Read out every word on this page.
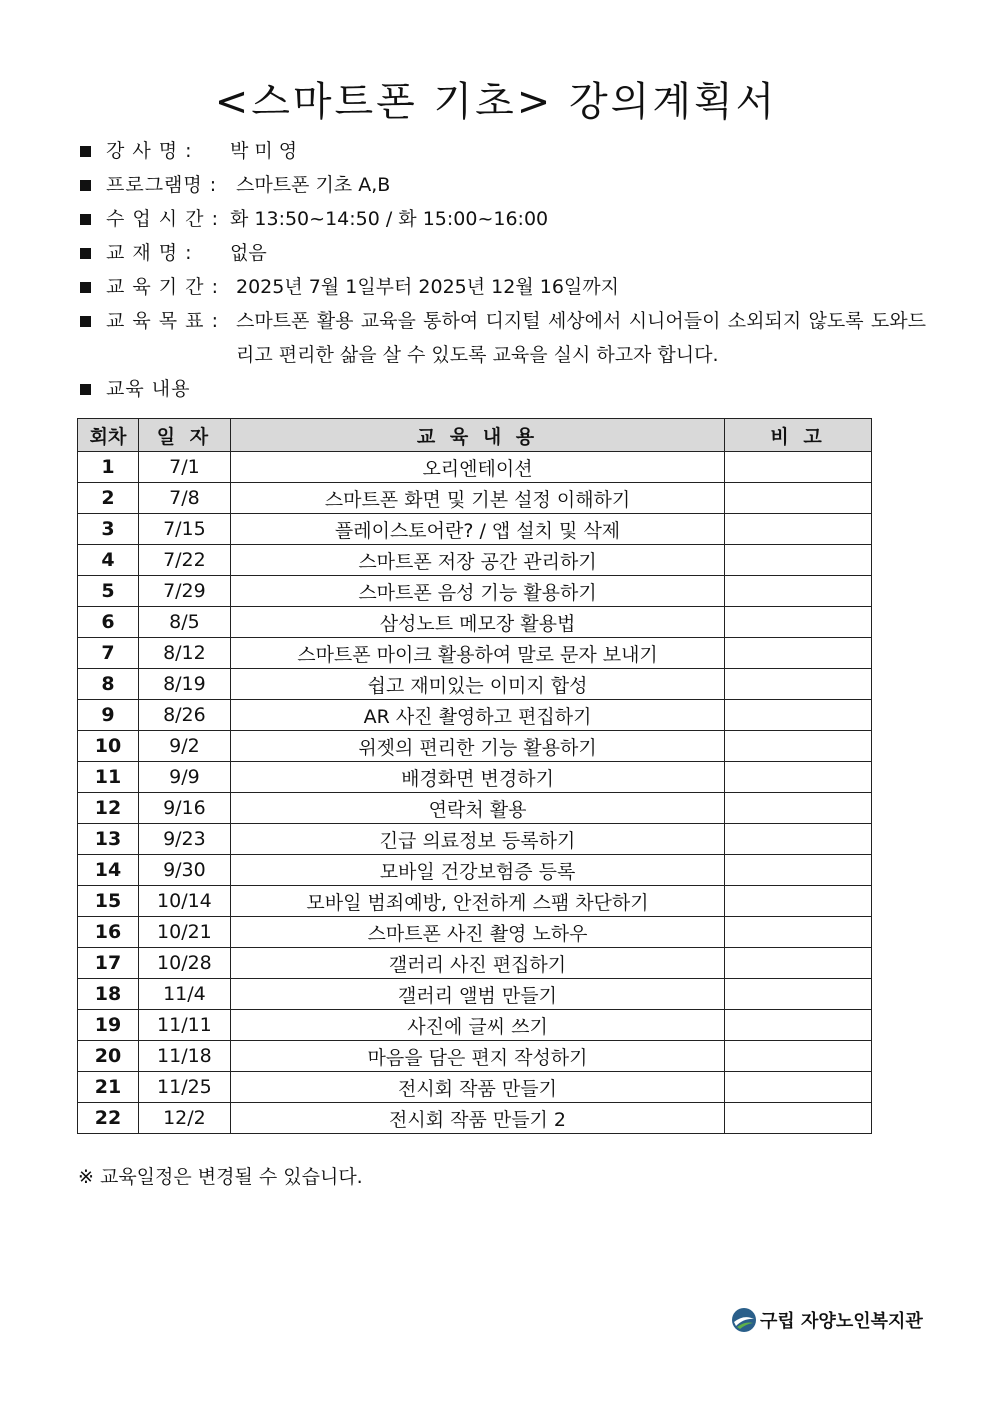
<스마트폰 기초> 강의계획서
강 사 명 : 박 미 영
프로그램명 : 스마트폰 기초 A,B
수 업 시 간 : 화 13:50~14:50 / 화 15:00~16:00
교 재 명 : 없음
교 육 기 간 : 2025년 7월 1일부터 2025년 12월 16일까지
교 육 목 표 : 스마트폰 활용 교육을 통하여 디지털 세상에서 시니어들이 소외되지 않도록 도와드리고 편리한 삶을 살 수 있도록 교육을 실시 하고자 합니다.
교육 내용
회차	일 자	교 육 내 용	비 고
1	7/1	오리엔테이션	
2	7/8	스마트폰 화면 및 기본 설정 이해하기	
3	7/15	플레이스토어란? / 앱 설치 및 삭제	
4	7/22	스마트폰 저장 공간 관리하기	
5	7/29	스마트폰 음성 기능 활용하기	
6	8/5	삼성노트 메모장 활용법	
7	8/12	스마트폰 마이크 활용하여 말로 문자 보내기	
8	8/19	쉽고 재미있는 이미지 합성	
9	8/26	AR 사진 촬영하고 편집하기	
10	9/2	위젯의 편리한 기능 활용하기	
11	9/9	배경화면 변경하기	
12	9/16	연락처 활용	
13	9/23	긴급 의료정보 등록하기	
14	9/30	모바일 건강보험증 등록	
15	10/14	모바일 범죄예방, 안전하게 스팸 차단하기	
16	10/21	스마트폰 사진 촬영 노하우	
17	10/28	갤러리 사진 편집하기	
18	11/4	갤러리 앨범 만들기	
19	11/11	사진에 글씨 쓰기	
20	11/18	마음을 담은 편지 작성하기	
21	11/25	전시회 작품 만들기	
22	12/2	전시회 작품 만들기 2	
※ 교육일정은 변경될 수 있습니다.
구립 자양노인복지관
